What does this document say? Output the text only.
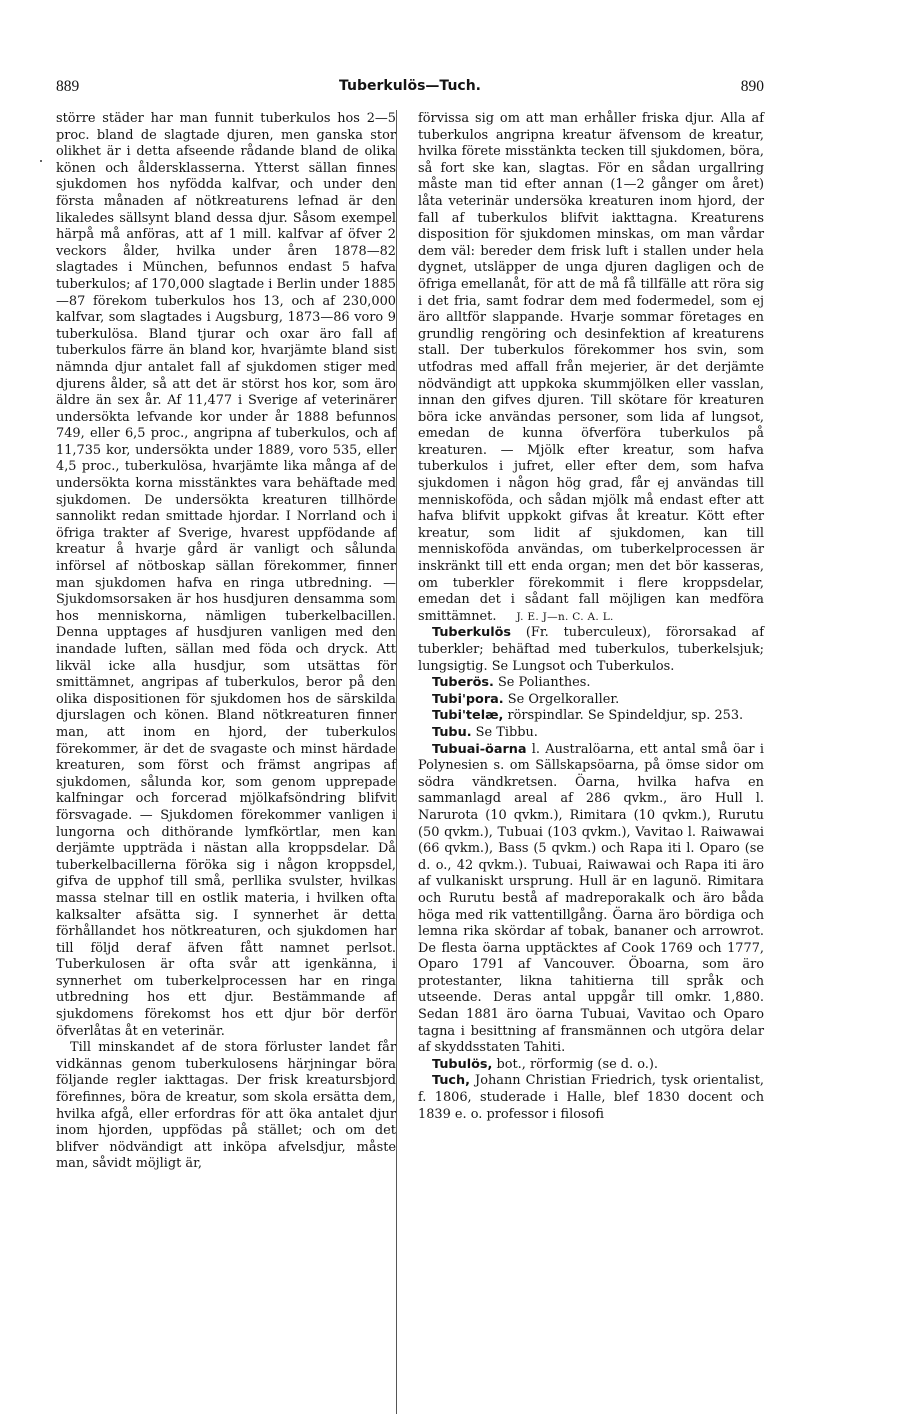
889	Tuberkulös—Tuch.	890

större städer har man funnit tuberkulos hos 2—5 proc. bland de slagtade djuren, men ganska stor olikhet är i detta afseende rådande bland de olika könen och åldersklasserna. Ytterst sällan finnes sjukdomen hos nyfödda kalfvar, och under den första månaden af nötkreaturens lefnad är den likaledes sällsynt bland dessa djur. Såsom exempel härpå må anföras, att af 1 mill. kalfvar af öfver 2 veckors ålder, hvilka under åren 1878—82 slagtades i München, befunnos endast 5 hafva tuberkulos; af 170,000 slagtade i Berlin under 1885—87 förekom tuberkulos hos 13, och af 230,000 kalfvar, som slagtades i Augsburg, 1873—86 voro 9 tuberkulösa. Bland tjurar och oxar äro fall af tuberkulos färre än bland kor, hvarjämte bland sist nämnda djur antalet fall af sjukdomen stiger med djurens ålder, så att det är störst hos kor, som äro äldre än sex år. Af 11,477 i Sverige af veterinärer undersökta lefvande kor under år 1888 befunnos 749, eller 6,5 proc., angripna af tuberkulos, och af 11,735 kor, undersökta under 1889, voro 535, eller 4,5 proc., tuberkulösa, hvarjämte lika många af de undersökta korna misstänktes vara behäftade med sjukdomen. De undersökta kreaturen tillhörde sannolikt redan smittade hjordar. I Norrland och i öfriga trakter af Sverige, hvarest uppfödande af kreatur å hvarje gård är vanligt och sålunda införsel af nötboskap sällan förekommer, finner man sjukdomen hafva en ringa utbredning. — Sjukdomsorsaken är hos husdjuren densamma som hos menniskorna, nämligen tuberkelbacillen. Denna upptages af husdjuren vanligen med den inandade luften, sällan med föda och dryck. Att likväl icke alla husdjur, som utsättas för smittämnet, angripas af tuberkulos, beror på den olika dispositionen för sjukdomen hos de särskilda djurslagen och könen. Bland nötkreaturen finner man, att inom en hjord, der tuberkulos förekommer, är det de svagaste och minst härdade kreaturen, som först och främst angripas af sjukdomen, sålunda kor, som genom upprepade kalfningar och forcerad mjölkafsöndring blifvit försvagade. — Sjukdomen förekommer vanligen i lungorna och dithörande lymfkörtlar, men kan derjämte uppträda i nästan alla kroppsdelar. Då tuberkelbacillerna föröka sig i någon kroppsdel, gifva de upphof till små, perllika svulster, hvilkas massa stelnar till en ostlik materia, i hvilken ofta kalksalter afsätta sig. I synnerhet är detta förhållandet hos nötkreaturen, och sjukdomen har till följd deraf äfven fått namnet perlsot. Tuberkulosen är ofta svår att igenkänna, i synnerhet om tuberkelprocessen har en ringa utbredning hos ett djur. Bestämmande af sjukdomens förekomst hos ett djur bör derför öfverlåtas åt en veterinär.

Till minskandet af de stora förluster landet får vidkännas genom tuberkulosens härjningar böra följande regler iakttagas. Der frisk kreatursbjord förefinnes, böra de kreatur, som skola ersätta dem, hvilka afgå, eller erfordras för att öka antalet djur inom hjorden, uppfödas på stället; och om det blifver nödvändigt att inköpa afvelsdjur, måste man, såvidt möjligt är,

förvissa sig om att man erhåller friska djur. Alla af tuberkulos angripna kreatur äfvensom de kreatur, hvilka förete misstänkta tecken till sjukdomen, böra, så fort ske kan, slagtas. För en sådan urgallring måste man tid efter annan (1—2 gånger om året) låta veterinär undersöka kreaturen inom hjord, der fall af tuberkulos blifvit iakttagna. Kreaturens disposition för sjukdomen minskas, om man vårdar dem väl: bereder dem frisk luft i stallen under hela dygnet, utsläpper de unga djuren dagligen och de öfriga emellanåt, för att de må få tillfälle att röra sig i det fria, samt fodrar dem med fodermedel, som ej äro alltför slappande. Hvarje sommar företages en grundlig rengöring och desinfektion af kreaturens stall. Der tuberkulos förekommer hos svin, som utfodras med affall från mejerier, är det derjämte nödvändigt att uppkoka skummjölken eller vasslan, innan den gifves djuren. Till skötare för kreaturen böra icke användas personer, som lida af lungsot, emedan de kunna öfverföra tuberkulos på kreaturen. — Mjölk efter kreatur, som hafva tuberkulos i jufret, eller efter dem, som hafva sjukdomen i någon hög grad, får ej användas till menniskoföda, och sådan mjölk må endast efter att hafva blifvit uppkokt gifvas åt kreatur. Kött efter kreatur, som lidit af sjukdomen, kan till menniskoföda användas, om tuberkelprocessen är inskränkt till ett enda organ; men det bör kasseras, om tuberkler förekommit i flere kroppsdelar, emedan det i sådant fall möjligen kan medföra smittämnet. J. E. J—n. C. A. L.

Tuberkulös (Fr. tuberculeux), förorsakad af tuberkler; behäftad med tuberkulos, tuberkelsjuk; lungsigtig. Se Lungsot och Tuberkulos.

Tuberös. Se Polianthes.

Tubi'pora. Se Orgelkoraller.

Tubi'telæ, rörspindlar. Se Spindeldjur, sp. 253.

Tubu. Se Tibbu.

Tubuai-öarna l. Australöarna, ett antal små öar i Polynesien s. om Sällskapsöarna, på ömse sidor om södra vändkretsen. Öarna, hvilka hafva en sammanlagd areal af 286 qvkm., äro Hull l. Narurota (10 qvkm.), Rimitara (10 qvkm.), Rurutu (50 qvkm.), Tubuai (103 qvkm.), Vavitao l. Raiwawai (66 qvkm.), Bass (5 qvkm.) och Rapa iti l. Oparo (se d. o., 42 qvkm.). Tubuai, Raiwawai och Rapa iti äro af vulkaniskt ursprung. Hull är en lagunö. Rimitara och Rurutu bestå af madreporakalk och äro båda höga med rik vattentillgång. Öarna äro bördiga och lemna rika skördar af tobak, bananer och arrowrot. De flesta öarna upptäcktes af Cook 1769 och 1777, Oparo 1791 af Vancouver. Öboarna, som äro protestanter, likna tahitierna till språk och utseende. Deras antal uppgår till omkr. 1,880. Sedan 1881 äro öarna Tubuai, Vavitao och Oparo tagna i besittning af fransmännen och utgöra delar af skyddsstaten Tahiti.

Tubulös, bot., rörformig (se d. o.).

Tuch, Johann Christian Friedrich, tysk orientalist, f. 1806, studerade i Halle, blef 1830 docent och 1839 e. o. professor i filosofi
